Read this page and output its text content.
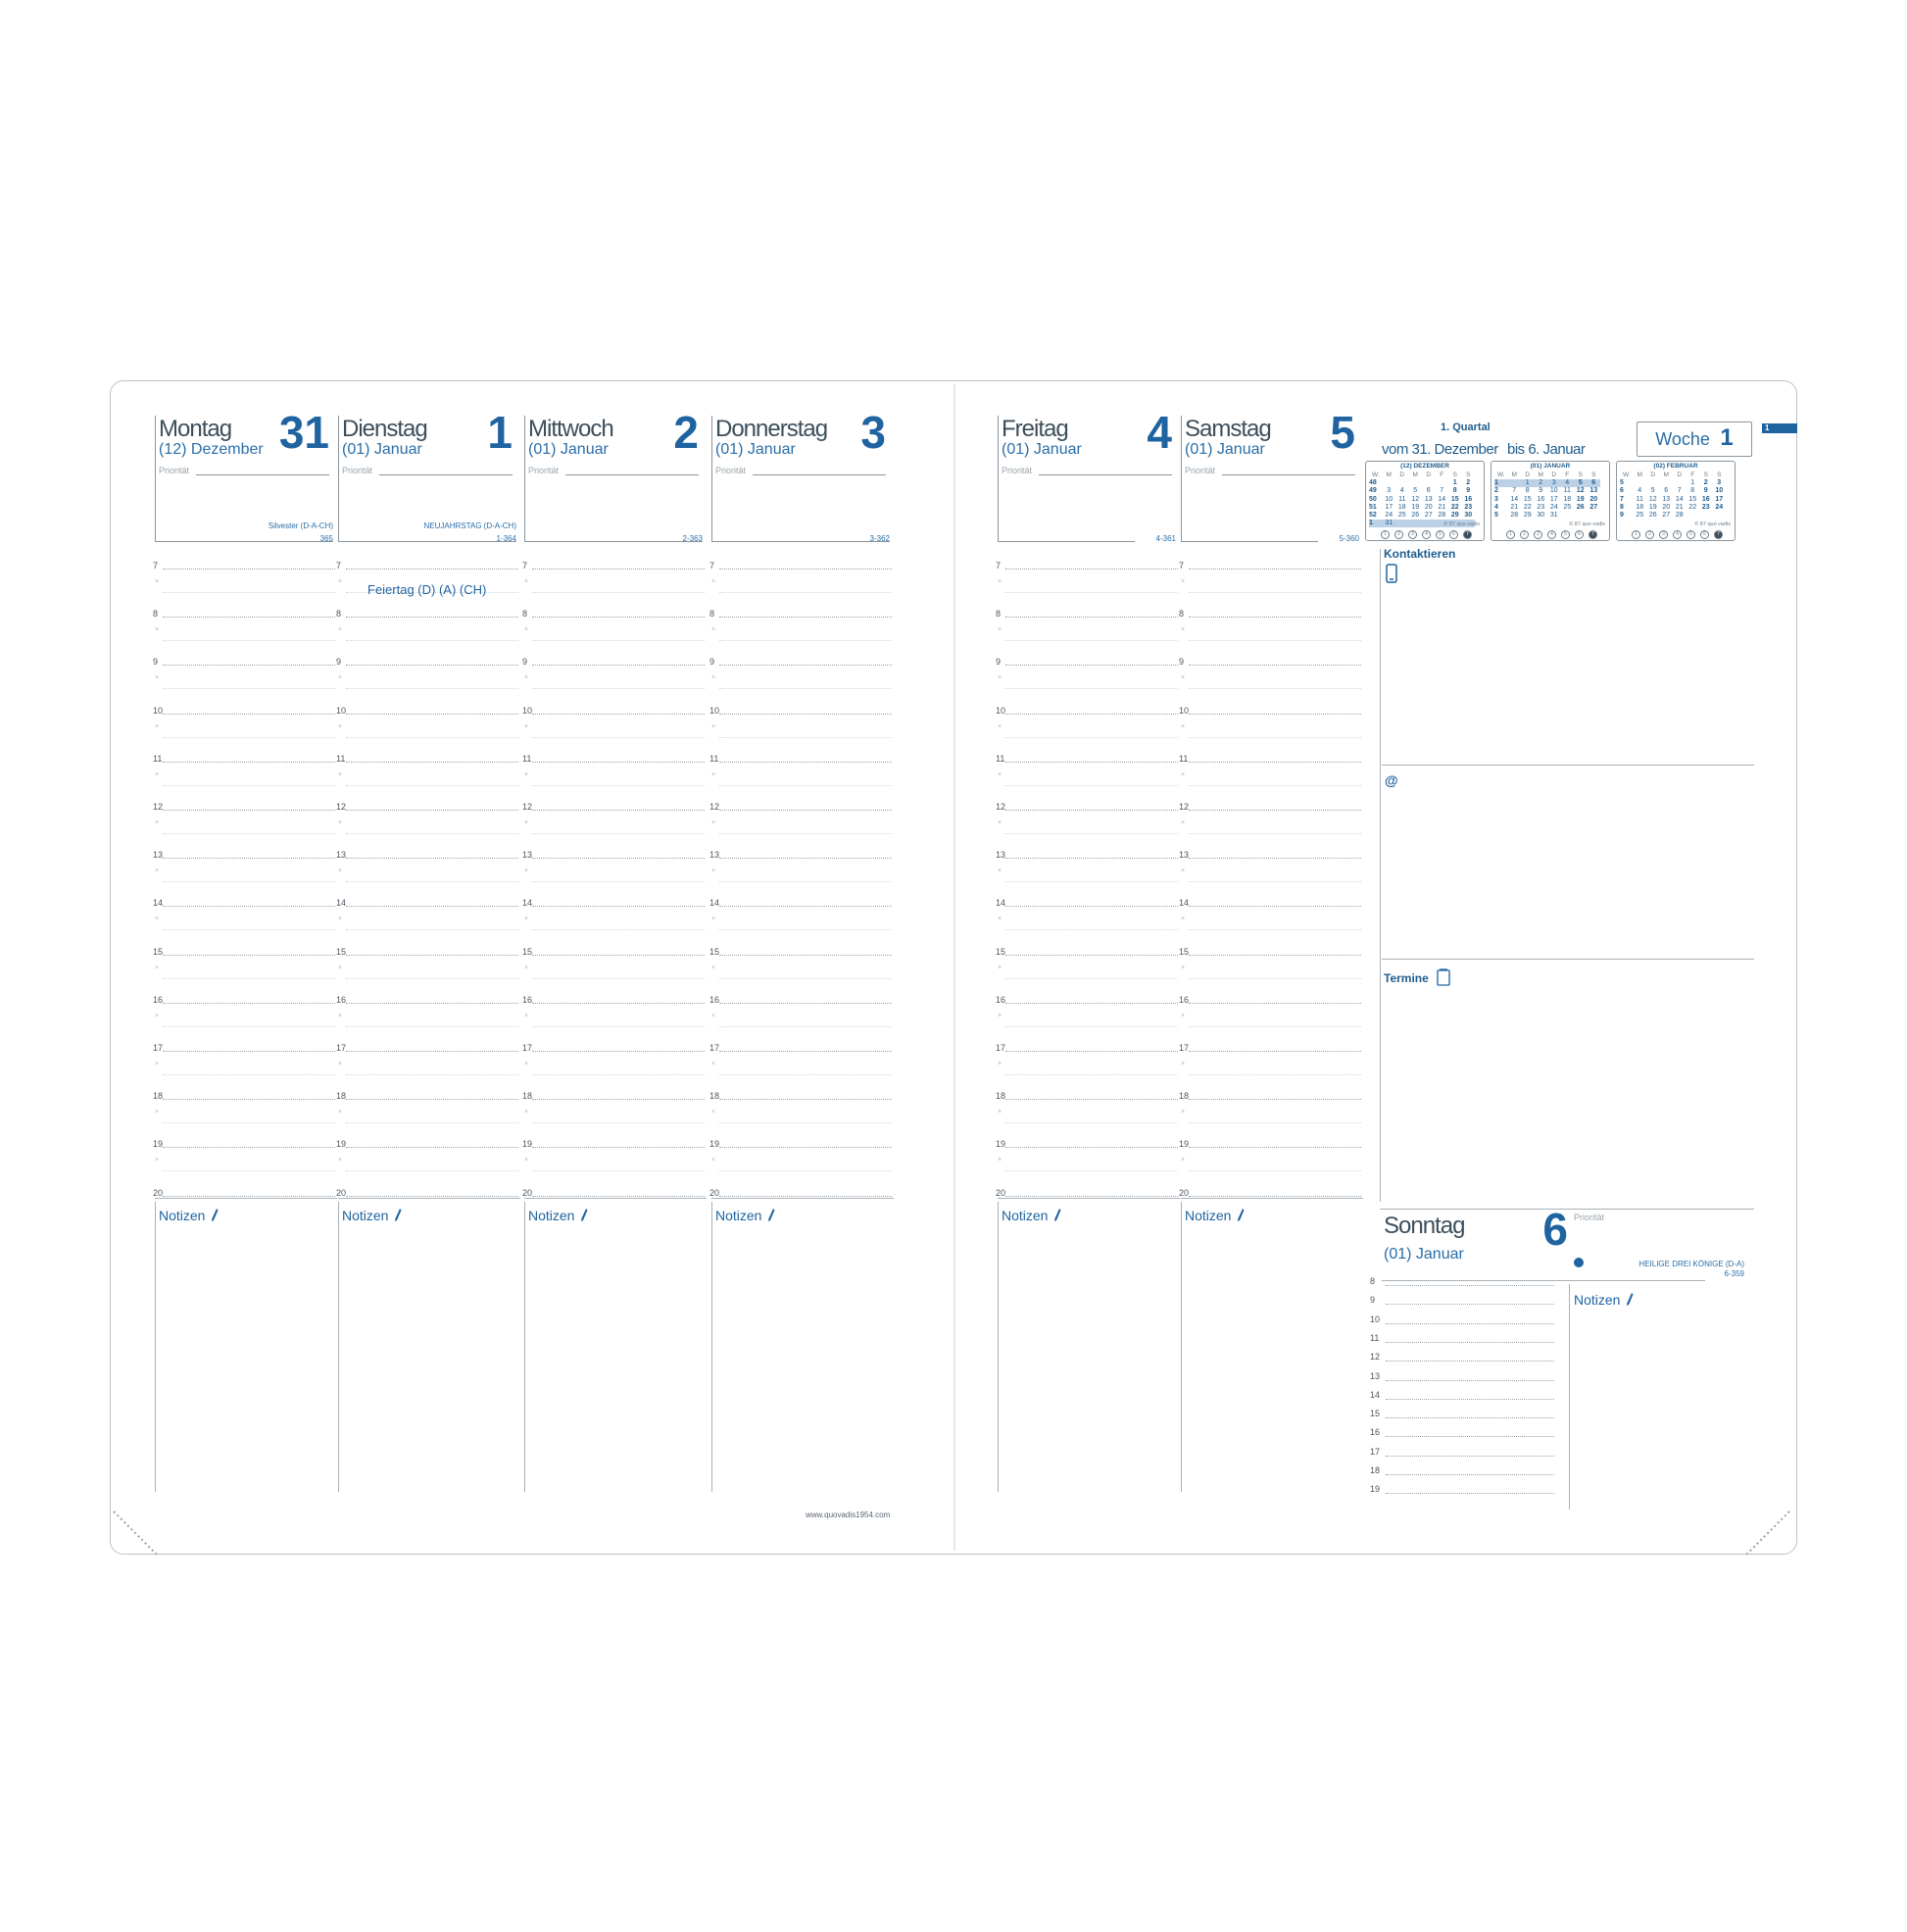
1
Montag 31
(12) Dezember
Priorität
Silvester (D-A-CH)
365
7
×
8
×
9
×
10
×
11
×
12
×
13
×
14
×
15
×
16
×
17
×
18
×
19
×
20
Notizen
Dienstag	1
(01) Januar
Priorität
NEUJAHRSTAG (D-A-CH)
1-364
7
×
8
×
9
×
10
×
11
×
12
×
13
×
14
×
15
×
16
×
17
×
18
×
19
×
20
Feiertag (D) (A) (CH)
Notizen
Mittwoch	2
(01) Januar
Priorität
2-363
7
×
8
×
9
×
10
×
11
×
12
×
13
×
14
×
15
×
16
×
17
×
18
×
19
×
20
Notizen
Donnerstag 3
(01) Januar
Priorität
3-362
7
×
8
×
9
×
10
×
11
×
12
×
13
×
14
×
15
×
16
×
17
×
18
×
19
×
20
Notizen
Freitag	4
(01) Januar
Priorität
4-361
7
×
8
×
9
×
10
×
11
×
12
×
13
×
14
×
15
×
16
×
17
×
18
×
19
×
20
Notizen
Samstag	5
(01) Januar
Priorität
5-360
7
×
8
×
9
×
10
×
11
×
12
×
13
×
14
×
15
×
16
×
17
×
18
×
19
×
20
Notizen
1. Quartal
vom 31. Dezember bis 6. Januar
Woche 1
(12) DEZEMBER
W.	M	D	M	D	F	S	S
48						1	2
49	3	4	5	6	7	8	9
50	10	11	12	13	14	15	16
51	17	18	19	20	21	22	23
52	24	25	26	27	28	29	30
1	31							© 87 quo vadis
1 2 3 4 5 6 7
(01) JANUAR
W.	M	D	M	D	F	S	S
1		1	2	3	4	5	6
2	7	8	9	10	11	12	13
3	14	15	16	17	18	19	20
4	21	22	23	24	25	26	27
5	28	29	30	31			
© 87 quo vadis
1 2 3 4 5 6 7
(02) FEBRUAR
W.	M	D	M	D	F	S	S
5					1	2	3
6	4	5	6	7	8	9	10
7	11	12	13	14	15	16	17
8	18	19	20	21	22	23	24
9	25	26	27	28			
© 87 quo vadis
1 2 3 4 5 6 7
Kontaktieren
@
Termine
Sonntag	6 Priorität
(01) Januar
HEILIGE DREI KÖNIGE (D-A)
6-359
8
9
10
11
12
13
14
15
16
17
18
19
Notizen
www.quovadis1954.com
